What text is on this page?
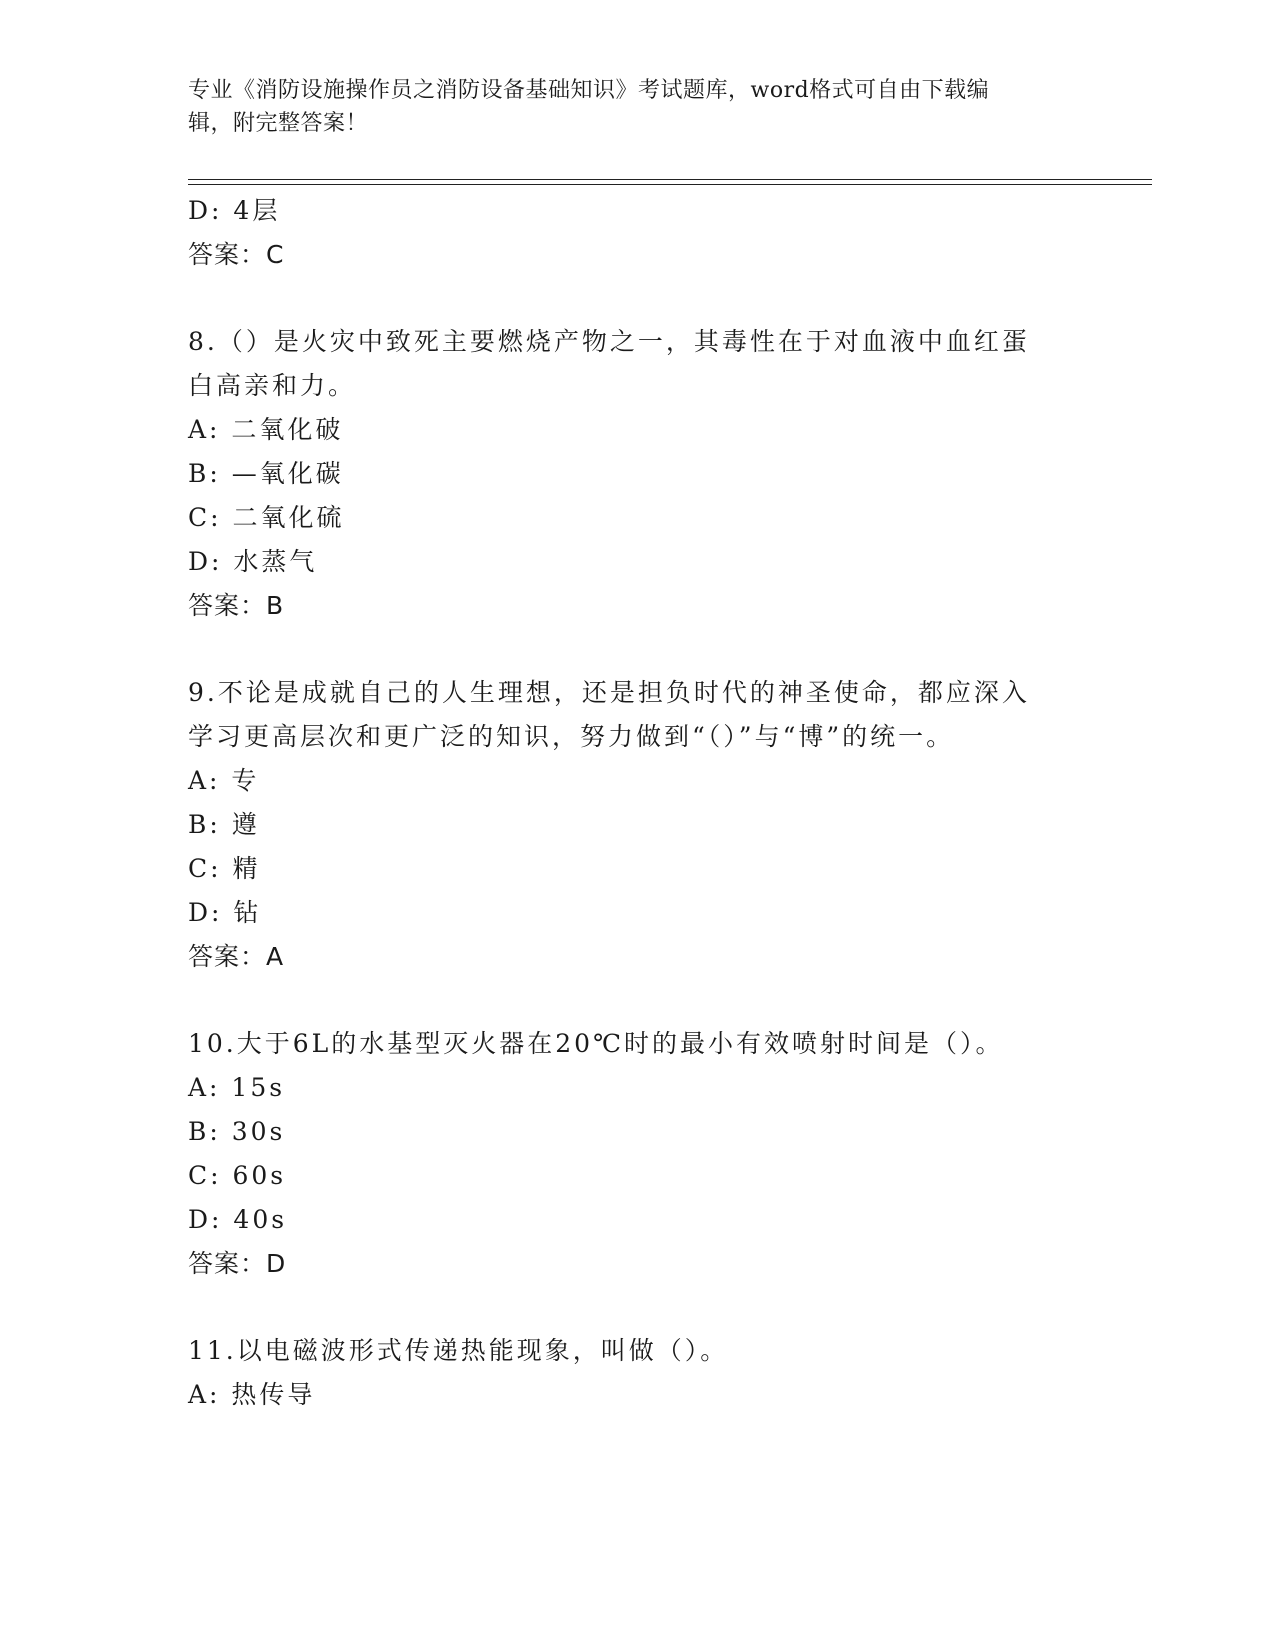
专业《消防设施操作员之消防设备基础知识》考试题库，word格式可自由下载编
辑，附完整答案！
D: 4层
答案：C
8.（）是火灾中致死主要燃烧产物之一，其毒性在于对血液中血红蛋
白高亲和力。
A: 二氧化破
B: —氧化碳
C: 二氧化硫
D: 水蒸气
答案：B
9.不论是成就自己的人生理想，还是担负时代的神圣使命，都应深入
学习更高层次和更广泛的知识，努力做到“（）”与“博”的统一。
A: 专
B: 遵
C: 精
D: 钻
答案：A
10.大于6L的水基型灭火器在20℃时的最小有效喷射时间是（）。
A: 15s
B: 30s
C: 60s
D: 40s
答案：D
11.以电磁波形式传递热能现象，叫做（）。
A: 热传导
